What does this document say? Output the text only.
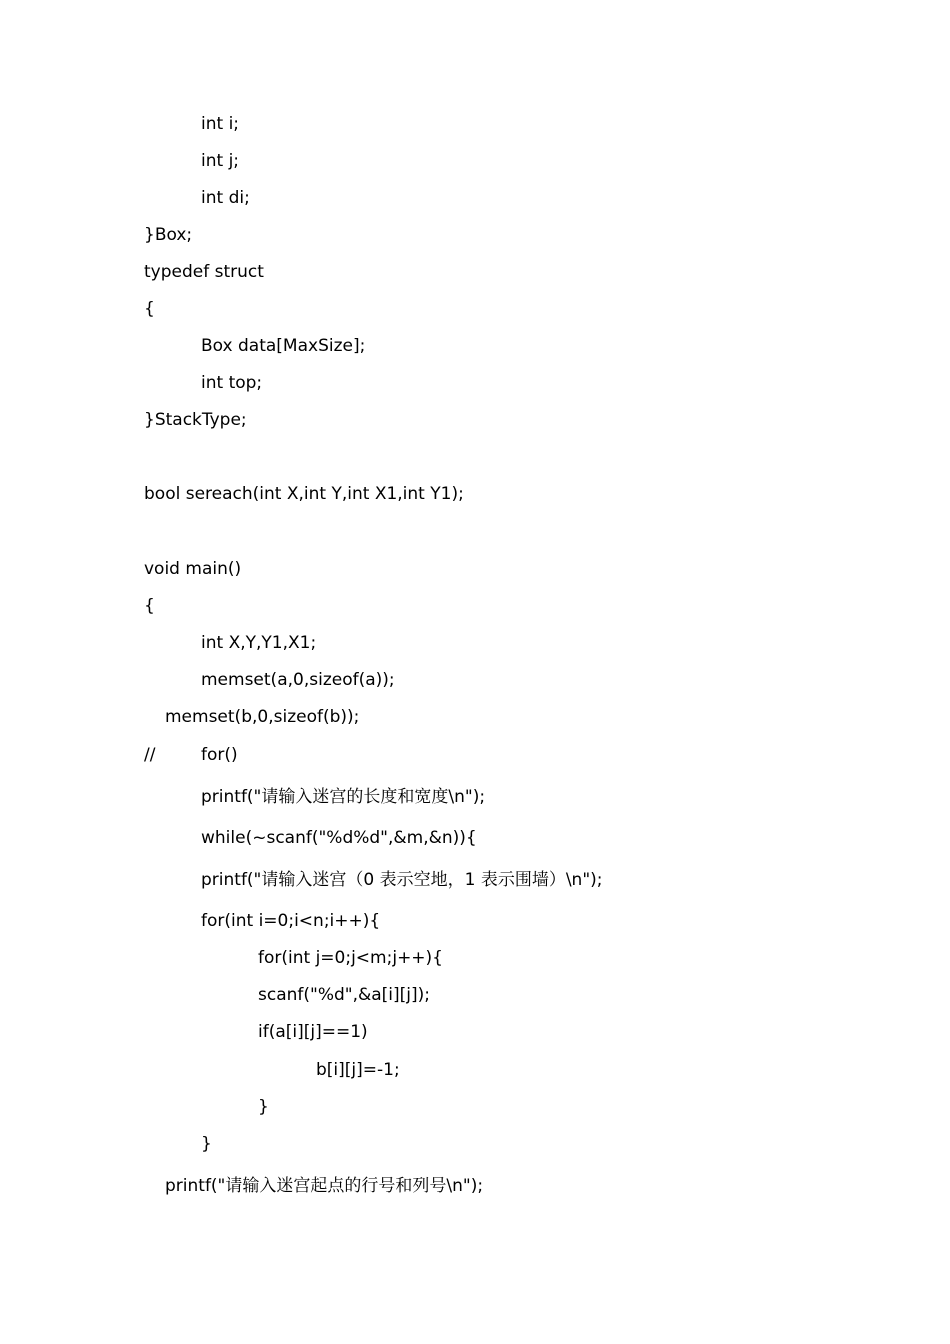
int i;
int j;
int di;
}Box;
typedef struct
{
Box data[MaxSize];
int top;
}StackType;
bool sereach(int X,int Y,int X1,int Y1);
void main()
{
int X,Y,Y1,X1;
memset(a,0,sizeof(a));
memset(b,0,sizeof(b));
//	for()
printf("请输入迷宫的长度和宽度\n");
while(~scanf("%d%d",&m,&n)){
printf("请输入迷宫（0 表示空地，1 表示围墙）\n");
for(int i=0;i<n;i++){
for(int j=0;j<m;j++){
scanf("%d",&a[i][j]);
if(a[i][j]==1)
b[i][j]=-1;
}
}
printf("请输入迷宫起点的行号和列号\n");
